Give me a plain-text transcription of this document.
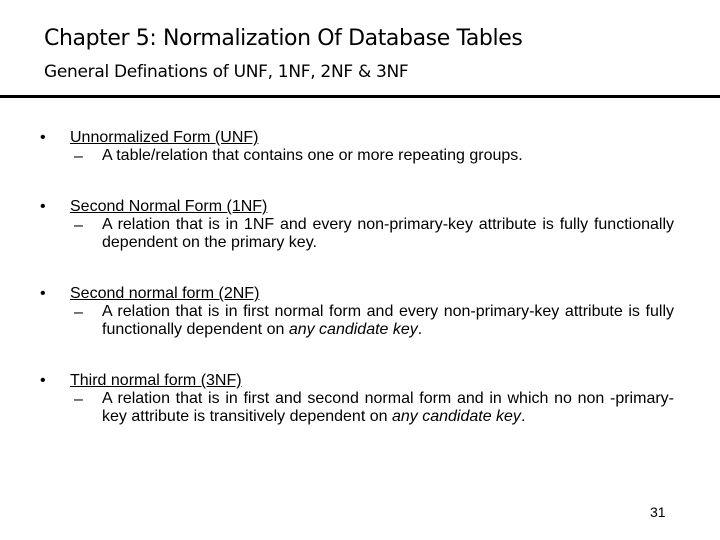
Chapter 5: Normalization Of Database Tables
General Definations of UNF, 1NF, 2NF & 3NF
• Unnormalized Form (UNF)
– A table/relation that contains one or more repeating groups.
• Second Normal Form (1NF)
– A relation that is in 1NF and every non-primary-key attribute is fully functionally dependent on the primary key.
• Second normal form (2NF)
– A relation that is in first normal form and every non-primary-key attribute is fully functionally dependent on any candidate key.
• Third normal form (3NF)
– A relation that is in first and second normal form and in which no non -primary-key attribute is transitively dependent on any candidate key.
31
